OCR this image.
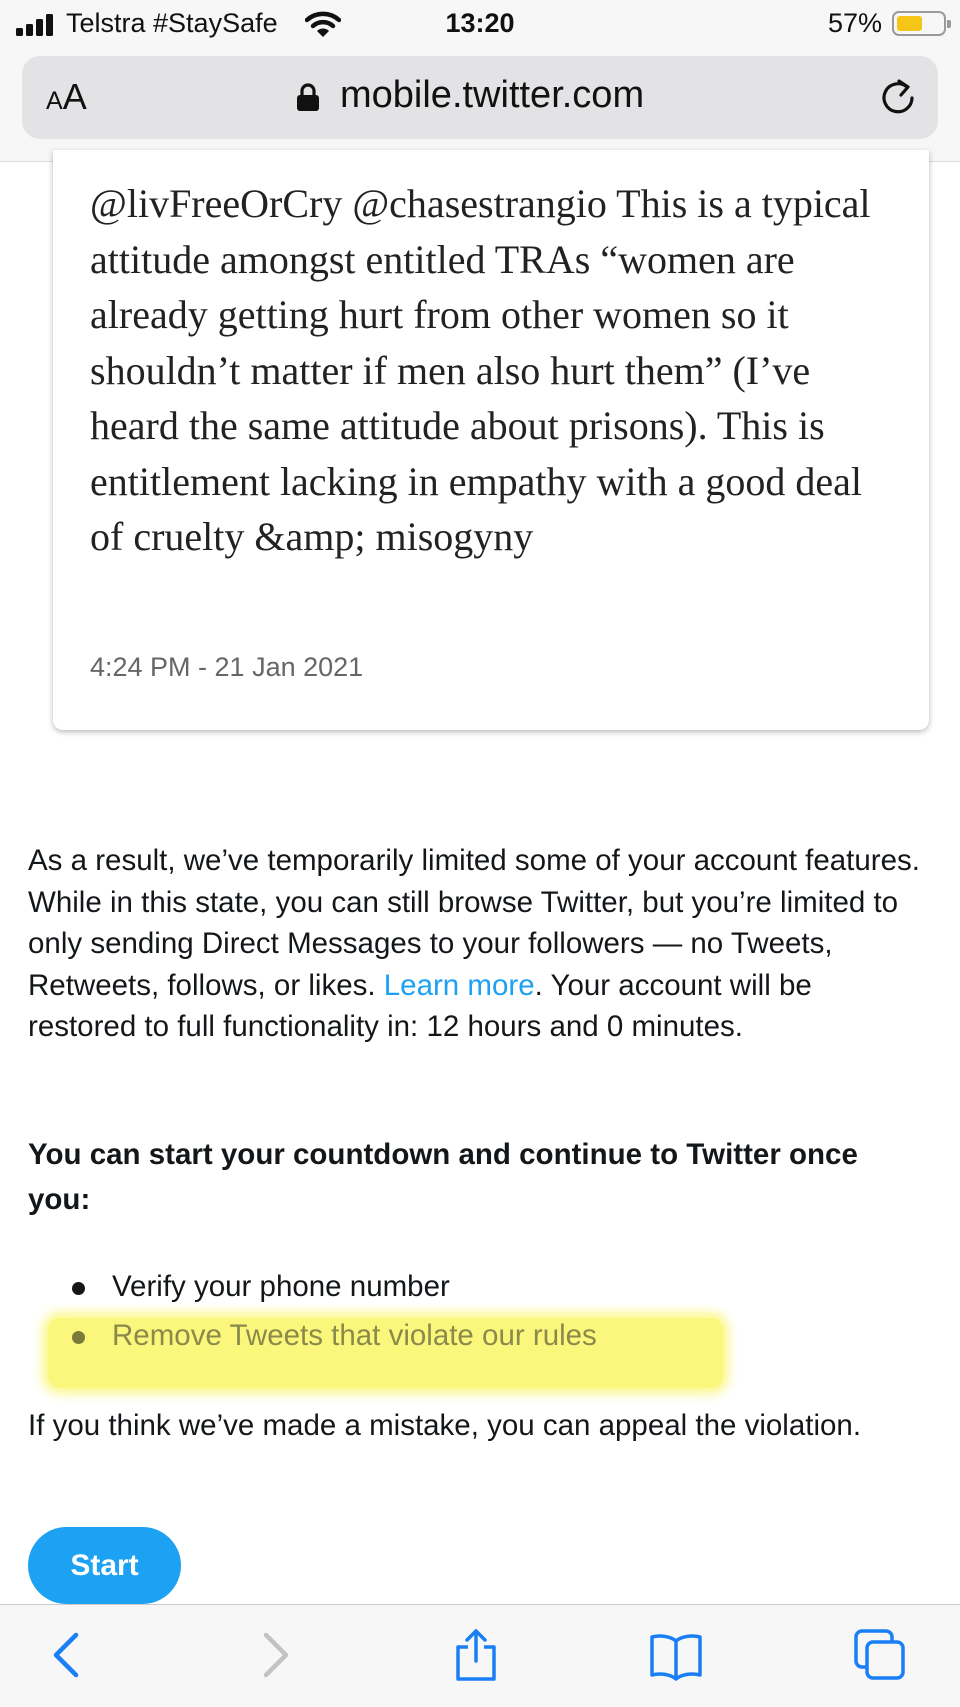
Telstra #StaySafe	13:20	57%
AA	mobile.twitter.com
@livFreeOrCry @chasestrangio This is a typical attitude amongst entitled TRAs “women are already getting hurt from other women so it shouldn’t matter if men also hurt them” (I’ve heard the same attitude about prisons). This is entitlement lacking in empathy with a good deal of cruelty &amp; misogyny
4:24 PM - 21 Jan 2021
As a result, we’ve temporarily limited some of your account features. While in this state, you can still browse Twitter, but you’re limited to only sending Direct Messages to your followers — no Tweets, Retweets, follows, or likes. Learn more. Your account will be restored to full functionality in: 12 hours and 0 minutes.
You can start your countdown and continue to Twitter once you:
Verify your phone number
Remove Tweets that violate our rules
If you think we’ve made a mistake, you can appeal the violation.
Start
